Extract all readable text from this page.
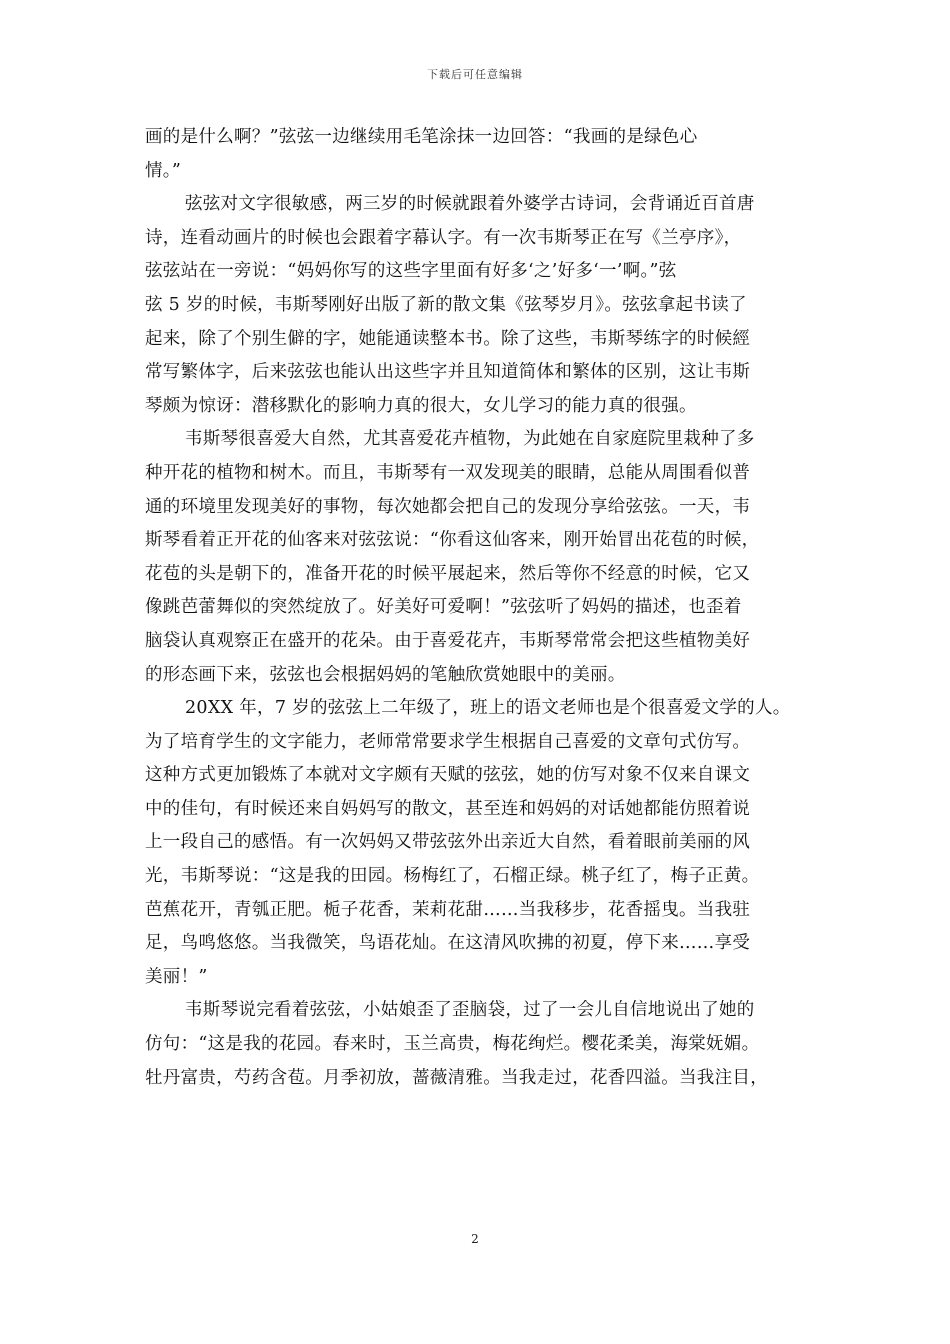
下载后可任意编辑
画的是什么啊？”弦弦一边继续用毛笔涂抹一边回答：“我画的是绿色心
情。”
弦弦对文字很敏感，两三岁的时候就跟着外婆学古诗词，会背诵近百首唐
诗，连看动画片的时候也会跟着字幕认字。有一次韦斯琴正在写《兰亭序》，
弦弦站在一旁说：“妈妈你写的这些字里面有好多‘之’好多‘一’啊。”弦
弦 5 岁的时候，韦斯琴刚好出版了新的散文集《弦琴岁月》。弦弦拿起书读了
起来，除了个别生僻的字，她能通读整本书。除了这些，韦斯琴练字的时候經
常写繁体字，后来弦弦也能认出这些字并且知道简体和繁体的区别，这让韦斯
琴颇为惊讶：潜移默化的影响力真的很大，女儿学习的能力真的很强。
韦斯琴很喜爱大自然，尤其喜爱花卉植物，为此她在自家庭院里栽种了多
种开花的植物和树木。而且，韦斯琴有一双发现美的眼睛，总能从周围看似普
通的环境里发现美好的事物，每次她都会把自己的发现分享给弦弦。一天，韦
斯琴看着正开花的仙客来对弦弦说：“你看这仙客来，刚开始冒出花苞的时候，
花苞的头是朝下的，准备开花的时候平展起来，然后等你不经意的时候，它又
像跳芭蕾舞似的突然绽放了。好美好可爱啊！”弦弦听了妈妈的描述，也歪着
脑袋认真观察正在盛开的花朵。由于喜爱花卉，韦斯琴常常会把这些植物美好
的形态画下来，弦弦也会根据妈妈的笔触欣赏她眼中的美丽。
20XX 年，7 岁的弦弦上二年级了，班上的语文老师也是个很喜爱文学的人。
为了培育学生的文字能力，老师常常要求学生根据自己喜爱的文章句式仿写。
这种方式更加锻炼了本就对文字颇有天赋的弦弦，她的仿写对象不仅来自课文
中的佳句，有时候还来自妈妈写的散文，甚至连和妈妈的对话她都能仿照着说
上一段自己的感悟。有一次妈妈又带弦弦外出亲近大自然，看着眼前美丽的风
光，韦斯琴说：“这是我的田园。杨梅红了，石榴正绿。桃子红了，梅子正黄。
芭蕉花开，青瓠正肥。栀子花香，茉莉花甜……当我移步，花香摇曳。当我驻
足，鸟鸣悠悠。当我微笑，鸟语花灿。在这清风吹拂的初夏，停下来……享受
美丽！”
韦斯琴说完看着弦弦，小姑娘歪了歪脑袋，过了一会儿自信地说出了她的
仿句：“这是我的花园。春来时，玉兰高贵，梅花绚烂。樱花柔美，海棠妩媚。
牡丹富贵，芍药含苞。月季初放，蔷薇清雅。当我走过，花香四溢。当我注目，
2
